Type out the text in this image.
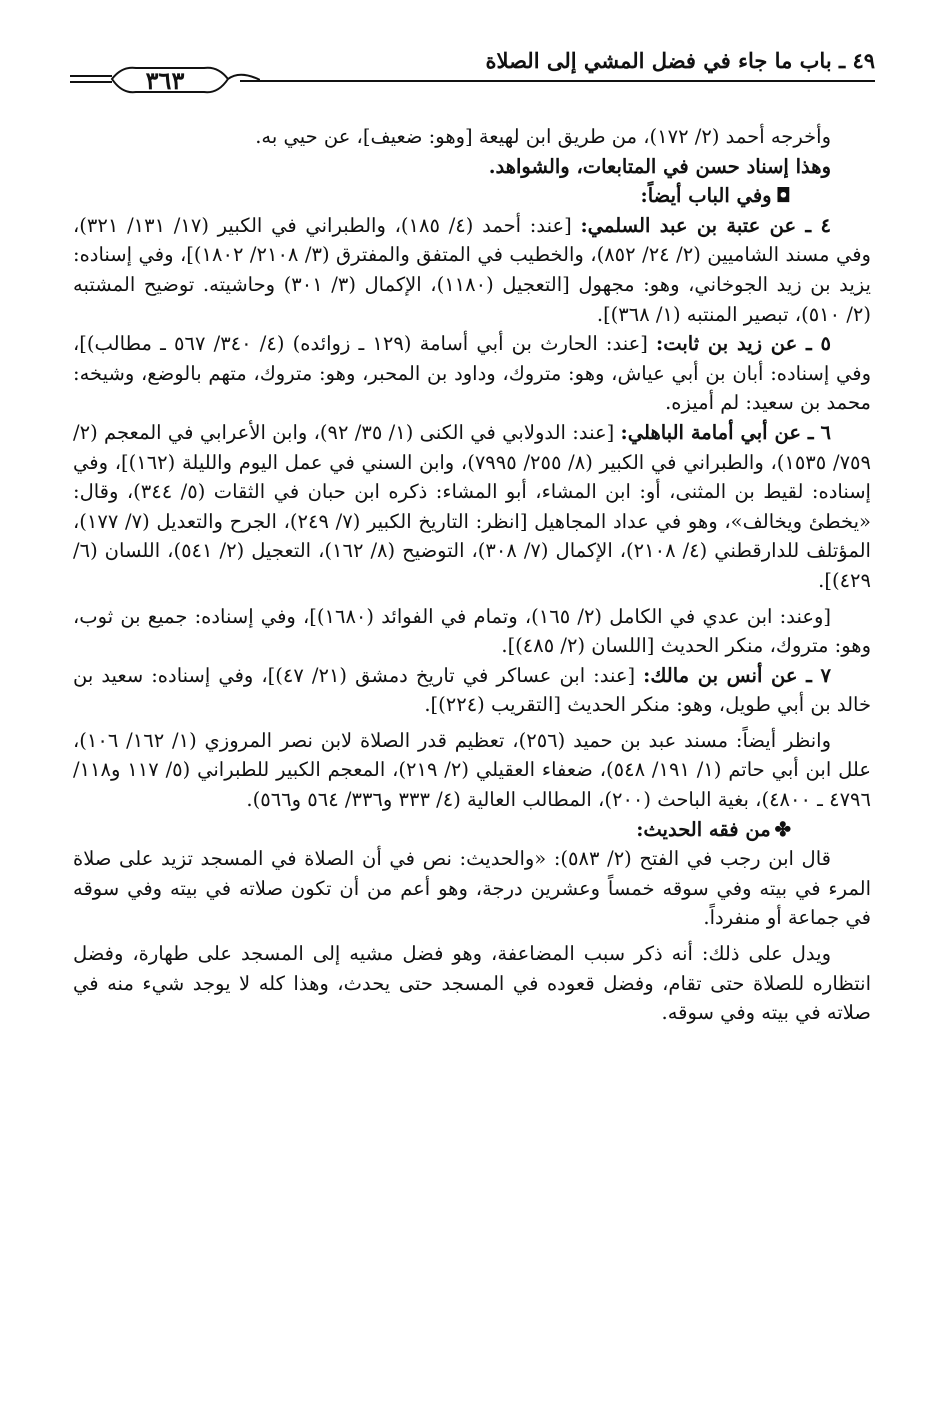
٤٩ ـ باب ما جاء في فضل المشي إلى الصلاة
٣٦٣

وأخرجه أحمد (٢/ ١٧٢)، من طريق ابن لهيعة [وهو: ضعيف]، عن حيي به.

وهذا إسناد حسن في المتابعات، والشواهد.

◘وفي الباب أيضاً:

٤ ـ عن عتبة بن عبد السلمي: [عند: أحمد (٤/ ١٨٥)، والطبراني في الكبير (١٧/ ١٣١/ ٣٢١)، وفي مسند الشاميين (٢/ ٢٤/ ٨٥٢)، والخطيب في المتفق والمفترق (٣/ ٢١٠٨/ ١٨٠٢)]، وفي إسناده: يزيد بن زيد الجوخاني، وهو: مجهول [التعجيل (١١٨٠)، الإكمال (٣/ ٣٠١) وحاشيته. توضيح المشتبه (٢/ ٥١٠)، تبصير المنتبه (١/ ٣٦٨)].

٥ ـ عن زيد بن ثابت: [عند: الحارث بن أبي أسامة (١٢٩ ـ زوائده) (٤/ ٣٤٠/ ٥٦٧ ـ مطالب)]، وفي إسناده: أبان بن أبي عياش، وهو: متروك، وداود بن المحبر، وهو: متروك، متهم بالوضع، وشيخه: محمد بن سعيد: لم أميزه.

٦ ـ عن أبي أمامة الباهلي: [عند: الدولابي في الكنى (١/ ٣٥/ ٩٢)، وابن الأعرابي في المعجم (٢/ ٧٥٩/ ١٥٣٥)، والطبراني في الكبير (٨/ ٢٥٥/ ٧٩٩٥)، وابن السني في عمل اليوم والليلة (١٦٢)]، وفي إسناده: لقيط بن المثنى، أو: ابن المشاء، أبو المشاء: ذكره ابن حبان في الثقات (٥/ ٣٤٤)، وقال: «يخطئ ويخالف»، وهو في عداد المجاهيل [انظر: التاريخ الكبير (٧/ ٢٤٩)، الجرح والتعديل (٧/ ١٧٧)، المؤتلف للدارقطني (٤/ ٢١٠٨)، الإكمال (٧/ ٣٠٨)، التوضيح (٨/ ١٦٢)، التعجيل (٢/ ٥٤١)، اللسان (٦/ ٤٢٩)].

[وعند: ابن عدي في الكامل (٢/ ١٦٥)، وتمام في الفوائد (١٦٨٠)]، وفي إسناده: جميع بن ثوب، وهو: متروك، منكر الحديث [اللسان (٢/ ٤٨٥)].

٧ ـ عن أنس بن مالك: [عند: ابن عساكر في تاريخ دمشق (٢١/ ٤٧)]، وفي إسناده: سعيد بن خالد بن أبي طويل، وهو: منكر الحديث [التقريب (٢٢٤)].

وانظر أيضاً: مسند عبد بن حميد (٢٥٦)، تعظيم قدر الصلاة لابن نصر المروزي (١/ ١٦٢/ ١٠٦)، علل ابن أبي حاتم (١/ ١٩١/ ٥٤٨)، ضعفاء العقيلي (٢/ ٢١٩)، المعجم الكبير للطبراني (٥/ ١١٧ و١١٨/ ٤٧٩٦ ـ ٤٨٠٠)، بغية الباحث (٢٠٠)، المطالب العالية (٤/ ٣٣٣ و٣٣٦/ ٥٦٤ و٥٦٦).

✤من فقه الحديث:

قال ابن رجب في الفتح (٢/ ٥٨٣): «والحديث: نص في أن الصلاة في المسجد تزيد على صلاة المرء في بيته وفي سوقه خمساً وعشرين درجة، وهو أعم من أن تكون صلاته في بيته وفي سوقه في جماعة أو منفرداً.

ويدل على ذلك: أنه ذكر سبب المضاعفة، وهو فضل مشيه إلى المسجد على طهارة، وفضل انتظاره للصلاة حتى تقام، وفضل قعوده في المسجد حتى يحدث، وهذا كله لا يوجد شيء منه في صلاته في بيته وفي سوقه.
